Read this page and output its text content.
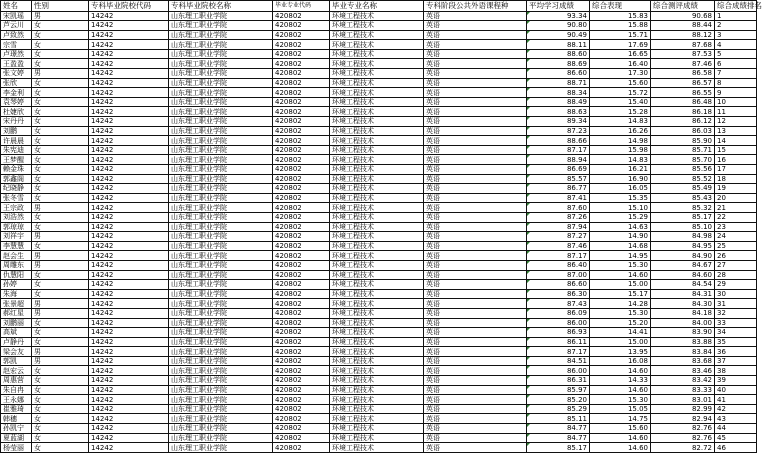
姓名	性别	专科毕业院校代码	专科毕业院校名称	毕业专业代码	毕业专业名称	专科阶段公共外语课程种	平均学习成绩	综合表现	综合测评成绩	综合成绩排名
宋凯瑶	男	14242	山东理工职业学院	420802	环境工程技术	英语	93.34	15.83	90.68	1
芦云川	女	14242	山东理工职业学院	420802	环境工程技术	英语	90.80	15.88	88.44	2
卢致然	女	14242	山东理工职业学院	420802	环境工程技术	英语	90.49	15.71	88.12	3
宗雪	女	14242	山东理工职业学院	420802	环境工程技术	英语	88.11	17.69	87.68	4
卢璟然	女	14242	山东理工职业学院	420802	环境工程技术	英语	88.60	16.65	87.53	5
王盈盈	女	14242	山东理工职业学院	420802	环境工程技术	英语	88.69	16.40	87.46	6
张文婷	男	14242	山东理工职业学院	420802	环境工程技术	英语	86.60	17.30	86.58	7
张欣	女	14242	山东理工职业学院	420802	环境工程技术	英语	88.71	15.60	86.57	8
李金利	女	14242	山东理工职业学院	420802	环境工程技术	英语	88.34	15.72	86.55	9
袁琴婷	女	14242	山东理工职业学院	420802	环境工程技术	英语	88.49	15.40	86.48	10
杜婕欣	女	14242	山东理工职业学院	420802	环境工程技术	英语	88.63	15.28	86.18	11
宋丹丹	女	14242	山东理工职业学院	420802	环境工程技术	英语	89.34	14.83	86.12	12
刘鹏	女	14242	山东理工职业学院	420802	环境工程技术	英语	87.23	16.26	86.03	13
许晨晨	女	14242	山东理工职业学院	420802	环境工程技术	英语	88.66	14.98	85.90	14
朱宪迪	女	14242	山东理工职业学院	420802	环境工程技术	英语	87.17	15.98	85.71	15
王梦醒	女	14242	山东理工职业学院	420802	环境工程技术	英语	88.94	14.83	85.70	16
赖金珠	女	14242	山东理工职业学院	420802	环境工程技术	英语	86.69	16.21	85.56	17
郭鑫阁	女	14242	山东理工职业学院	420802	环境工程技术	英语	85.57	16.90	85.52	18
纪晓静	女	14242	山东理工职业学院	420802	环境工程技术	英语	86.77	16.05	85.49	19
张冬雪	女	14242	山东理工职业学院	420802	环境工程技术	英语	87.41	15.35	85.43	20
王宗政	男	14242	山东理工职业学院	420802	环境工程技术	英语	87.60	15.10	85.32	21
刘浩然	女	14242	山东理工职业学院	420802	环境工程技术	英语	87.26	15.29	85.17	22
郭琼琼	女	14242	山东理工职业学院	420802	环境工程技术	英语	87.94	14.63	85.10	23
刘祥宇	男	14242	山东理工职业学院	420802	环境工程技术	英语	87.27	14.90	84.98	24
李慧慧	女	14242	山东理工职业学院	420802	环境工程技术	英语	87.46	14.68	84.95	25
赵会生	男	14242	山东理工职业学院	420802	环境工程技术	英语	87.17	14.95	84.90	26
周雕东	男	14242	山东理工职业学院	420802	环境工程技术	英语	86.40	15.30	84.67	27
仇慧阳	女	14242	山东理工职业学院	420802	环境工程技术	英语	87.00	14.60	84.60	28
孙婷	女	14242	山东理工职业学院	420802	环境工程技术	英语	86.60	15.00	84.54	29
朱海	女	14242	山东理工职业学院	420802	环境工程技术	英语	86.30	15.17	84.31	30
张景超	男	14242	山东理工职业学院	420802	环境工程技术	英语	87.43	14.28	84.30	31
郝红星	男	14242	山东理工职业学院	420802	环境工程技术	英语	86.09	15.30	84.18	32
刘鹏丽	女	14242	山东理工职业学院	420802	环境工程技术	英语	86.00	15.20	84.00	33
高斌	女	14242	山东理工职业学院	420802	环境工程技术	英语	86.93	14.41	83.90	34
卢静丹	女	14242	山东理工职业学院	420802	环境工程技术	英语	86.11	15.00	83.88	35
梁会友	男	14242	山东理工职业学院	420802	环境工程技术	英语	87.17	13.95	83.84	36
郭凯	男	14242	山东理工职业学院	420802	环境工程技术	英语	84.51	16.08	83.68	37
赵宏云	女	14242	山东理工职业学院	420802	环境工程技术	英语	86.00	14.60	83.46	38
周惠营	女	14242	山东理工职业学院	420802	环境工程技术	英语	86.31	14.33	83.42	39
朱自冉	女	14242	山东理工职业学院	420802	环境工程技术	英语	85.97	14.60	83.33	40
王永娜	女	14242	山东理工职业学院	420802	环境工程技术	英语	85.20	15.30	83.01	41
崔雅琦	女	14242	山东理工职业学院	420802	环境工程技术	英语	85.29	15.05	82.99	42
韩穗	女	14242	山东理工职业学院	420802	环境工程技术	英语	85.11	14.75	82.94	43
孙凯宁	女	14242	山东理工职业学院	420802	环境工程技术	英语	84.77	15.60	82.76	44
夏蓝湖	女	14242	山东理工职业学院	420802	环境工程技术	英语	84.77	14.60	82.76	45
杨莹丽	女	14242	山东理工职业学院	420802	环境工程技术	英语	85.17	14.60	82.72	46
